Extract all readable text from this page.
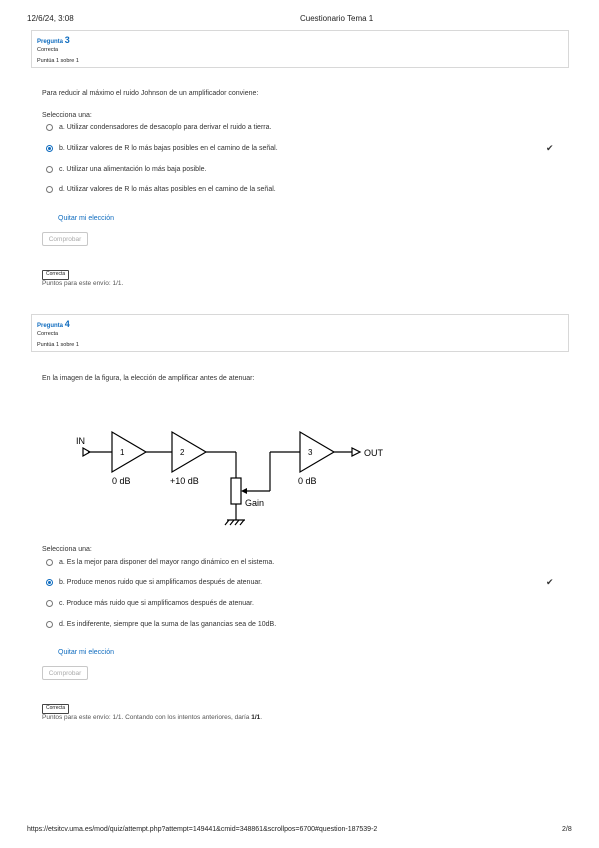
12/6/24, 3:08	Cuestionario Tema 1
Pregunta 3
Correcta
Puntúa 1 sobre 1
Para reducir al máximo el ruido Johnson de un amplificador conviene:
Selecciona una:
a. Utilizar condensadores de desacoplo para derivar el ruido a tierra.
b. Utilizar valores de R lo más bajas posibles en el camino de la señal.	✔
c. Utilizar una alimentación lo más baja posible.
d. Utilizar valores de R lo más altas posibles en el camino de la señal.
Quitar mi elección
Comprobar
Correcta
Puntos para este envío: 1/1.
Pregunta 4
Correcta
Puntúa 1 sobre 1
En la imagen de la figura, la elección de amplificar antes de atenuar:
IN
OUT
1	2	3
0 dB	+10 dB	0 dB
Gain
Selecciona una:
a. Es la mejor para disponer del mayor rango dinámico en el sistema.
b. Produce menos ruido que si amplificamos después de atenuar.	✔
c. Produce más ruido que si amplificamos después de atenuar.
d. Es indiferente, siempre que la suma de las ganancias sea de 10dB.
Quitar mi elección
Comprobar
Correcta
Puntos para este envío: 1/1. Contando con los intentos anteriores, daría 1/1.
https://etsitcv.uma.es/mod/quiz/attempt.php?attempt=149441&cmid=348861&scrollpos=6700#question-187539-2	2/8
